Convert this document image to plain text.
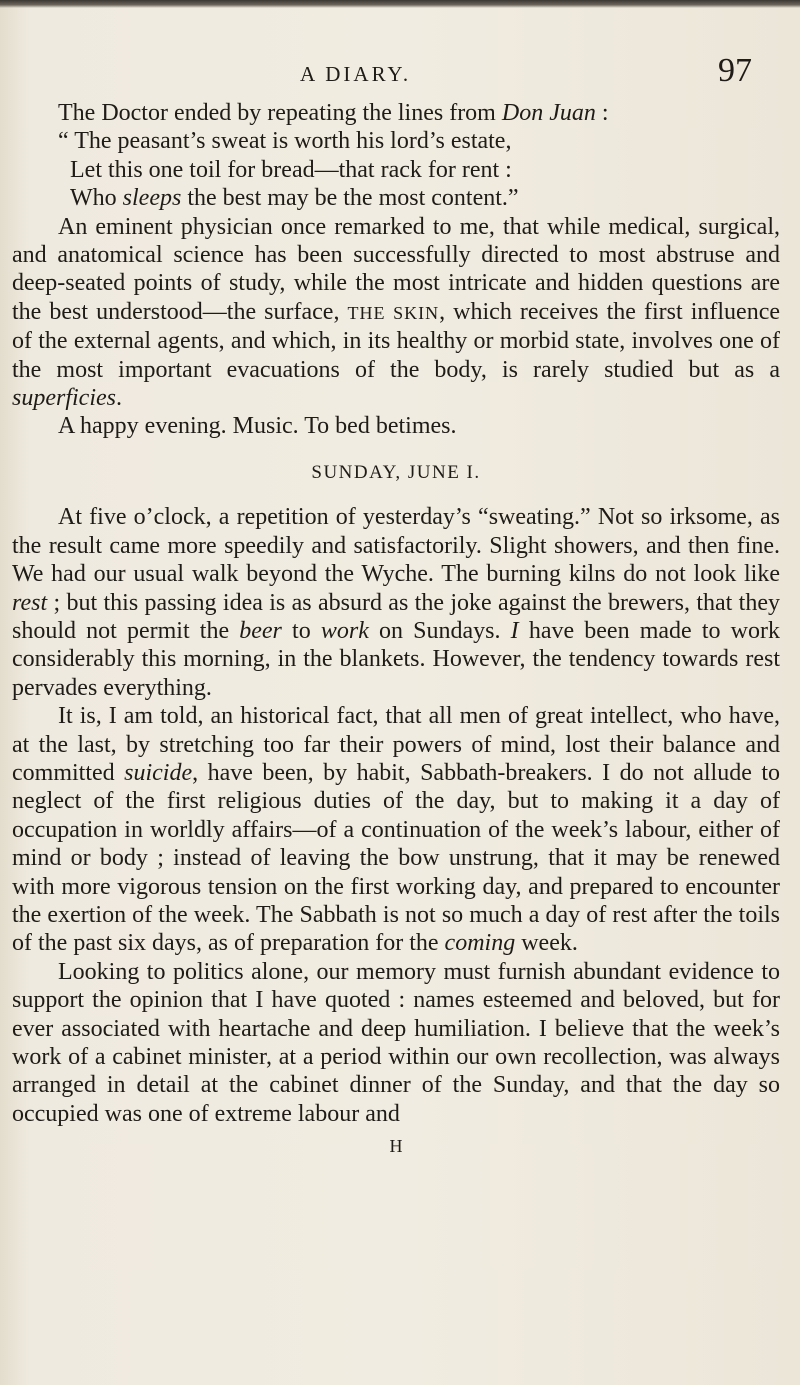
A DIARY.	97

The Doctor ended by repeating the lines from Don Juan :

“ The peasant’s sweat is worth his lord’s estate,
Let this one toil for bread—that rack for rent :
Who sleeps the best may be the most content.”

An eminent physician once remarked to me, that while medical, surgical, and anatomical science has been successfully directed to most abstruse and deep-seated points of study, while the most intricate and hidden questions are the best understood—the surface, THE SKIN, which receives the first influence of the external agents, and which, in its healthy or morbid state, involves one of the most important evacuations of the body, is rarely studied but as a superficies.

A happy evening. Music. To bed betimes.

SUNDAY, JUNE I.

At five o’clock, a repetition of yesterday’s “sweating.” Not so irksome, as the result came more speedily and satisfactorily. Slight showers, and then fine. We had our usual walk beyond the Wyche. The burning kilns do not look like rest ; but this passing idea is as absurd as the joke against the brewers, that they should not permit the beer to work on Sundays. I have been made to work considerably this morning, in the blankets. However, the tendency towards rest pervades everything.

It is, I am told, an historical fact, that all men of great intellect, who have, at the last, by stretching too far their powers of mind, lost their balance and committed suicide, have been, by habit, Sabbath-breakers. I do not allude to neglect of the first religious duties of the day, but to making it a day of occupation in worldly affairs—of a continuation of the week’s labour, either of mind or body ; instead of leaving the bow unstrung, that it may be renewed with more vigorous tension on the first working day, and prepared to encounter the exertion of the week. The Sabbath is not so much a day of rest after the toils of the past six days, as of preparation for the coming week.

Looking to politics alone, our memory must furnish abundant evidence to support the opinion that I have quoted : names esteemed and beloved, but for ever associated with heartache and deep humiliation. I believe that the week’s work of a cabinet minister, at a period within our own recollection, was always arranged in detail at the cabinet dinner of the Sunday, and that the day so occupied was one of extreme labour and

H
